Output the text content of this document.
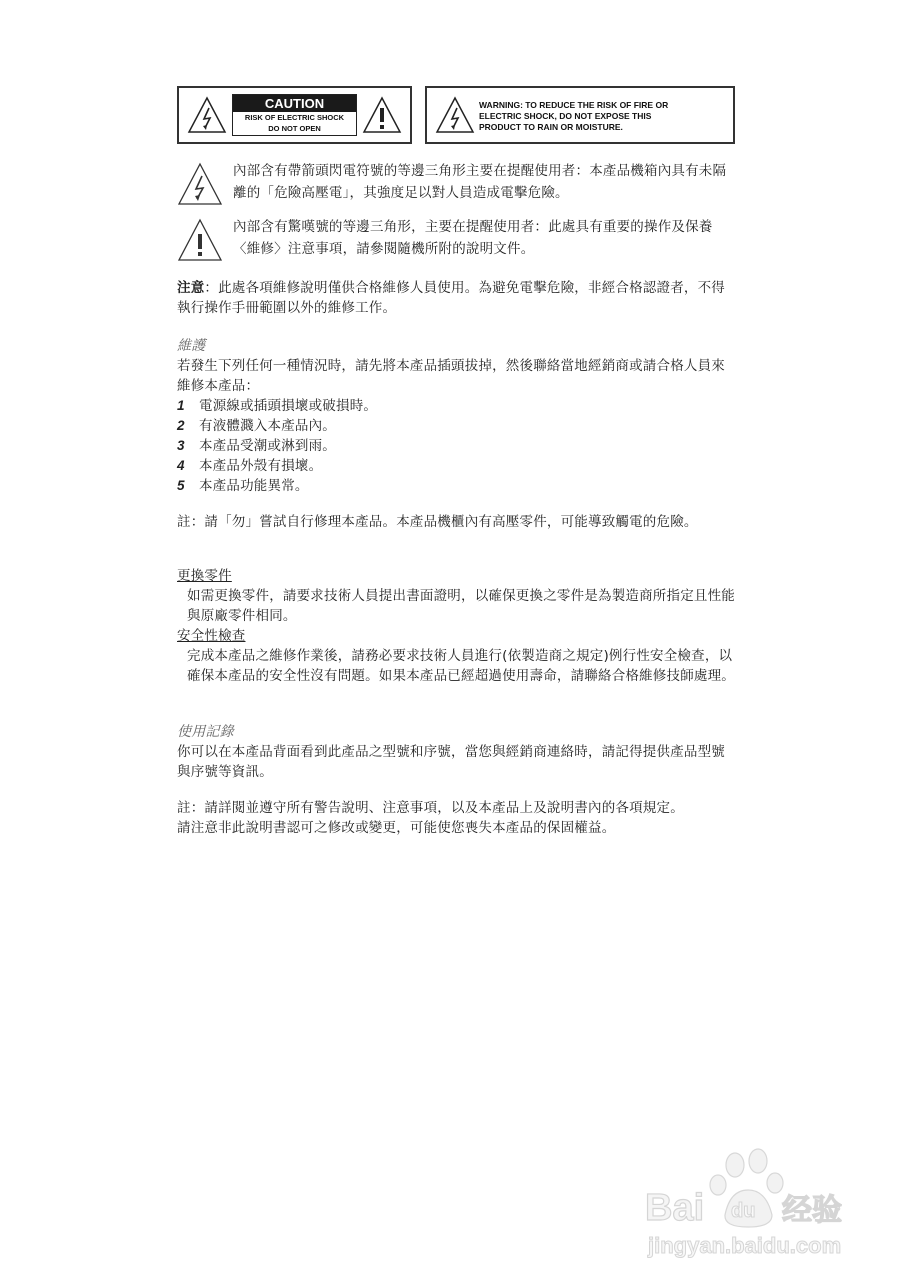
CAUTION
RISK OF ELECTRIC SHOCK
DO NOT OPEN
WARNING: TO REDUCE THE RISK OF FIRE OR
ELECTRIC SHOCK, DO NOT EXPOSE THIS
PRODUCT TO RAIN OR MOISTURE.
內部含有帶箭頭閃電符號的等邊三角形主要在提醒使用者：本產品機箱內具有未隔離的「危險高壓電」，其強度足以對人員造成電擊危險。
內部含有驚嘆號的等邊三角形，主要在提醒使用者：此處具有重要的操作及保養〈維修〉注意事項，請參閱隨機所附的說明文件。
注意：此處各項維修說明僅供合格維修人員使用。為避免電擊危險，非經合格認證者，不得執行操作手冊範圍以外的維修工作。
維護
若發生下列任何一種情況時，請先將本產品插頭拔掉，然後聯絡當地經銷商或請合格人員來維修本產品：
1	電源線或插頭損壞或破損時。
2	有液體濺入本產品內。
3	本產品受潮或淋到雨。
4	本產品外殼有損壞。
5	本產品功能異常。
註：請「勿」嘗試自行修理本產品。本產品機櫃內有高壓零件，可能導致觸電的危險。
更換零件
如需更換零件，請要求技術人員提出書面證明，以確保更換之零件是為製造商所指定且性能與原廠零件相同。
安全性檢查
完成本產品之維修作業後，請務必要求技術人員進行(依製造商之規定)例行性安全檢查，以確保本產品的安全性沒有問題。如果本產品已經超過使用壽命，請聯絡合格維修技師處理。
使用記錄
你可以在本產品背面看到此產品之型號和序號，當您與經銷商連絡時，請記得提供產品型號與序號等資訊。
註：請詳閱並遵守所有警告說明、注意事項，以及本產品上及說明書內的各項規定。
請注意非此說明書認可之修改或變更，可能使您喪失本產品的保固權益。
Bai du 经验
jingyan.baidu.com
